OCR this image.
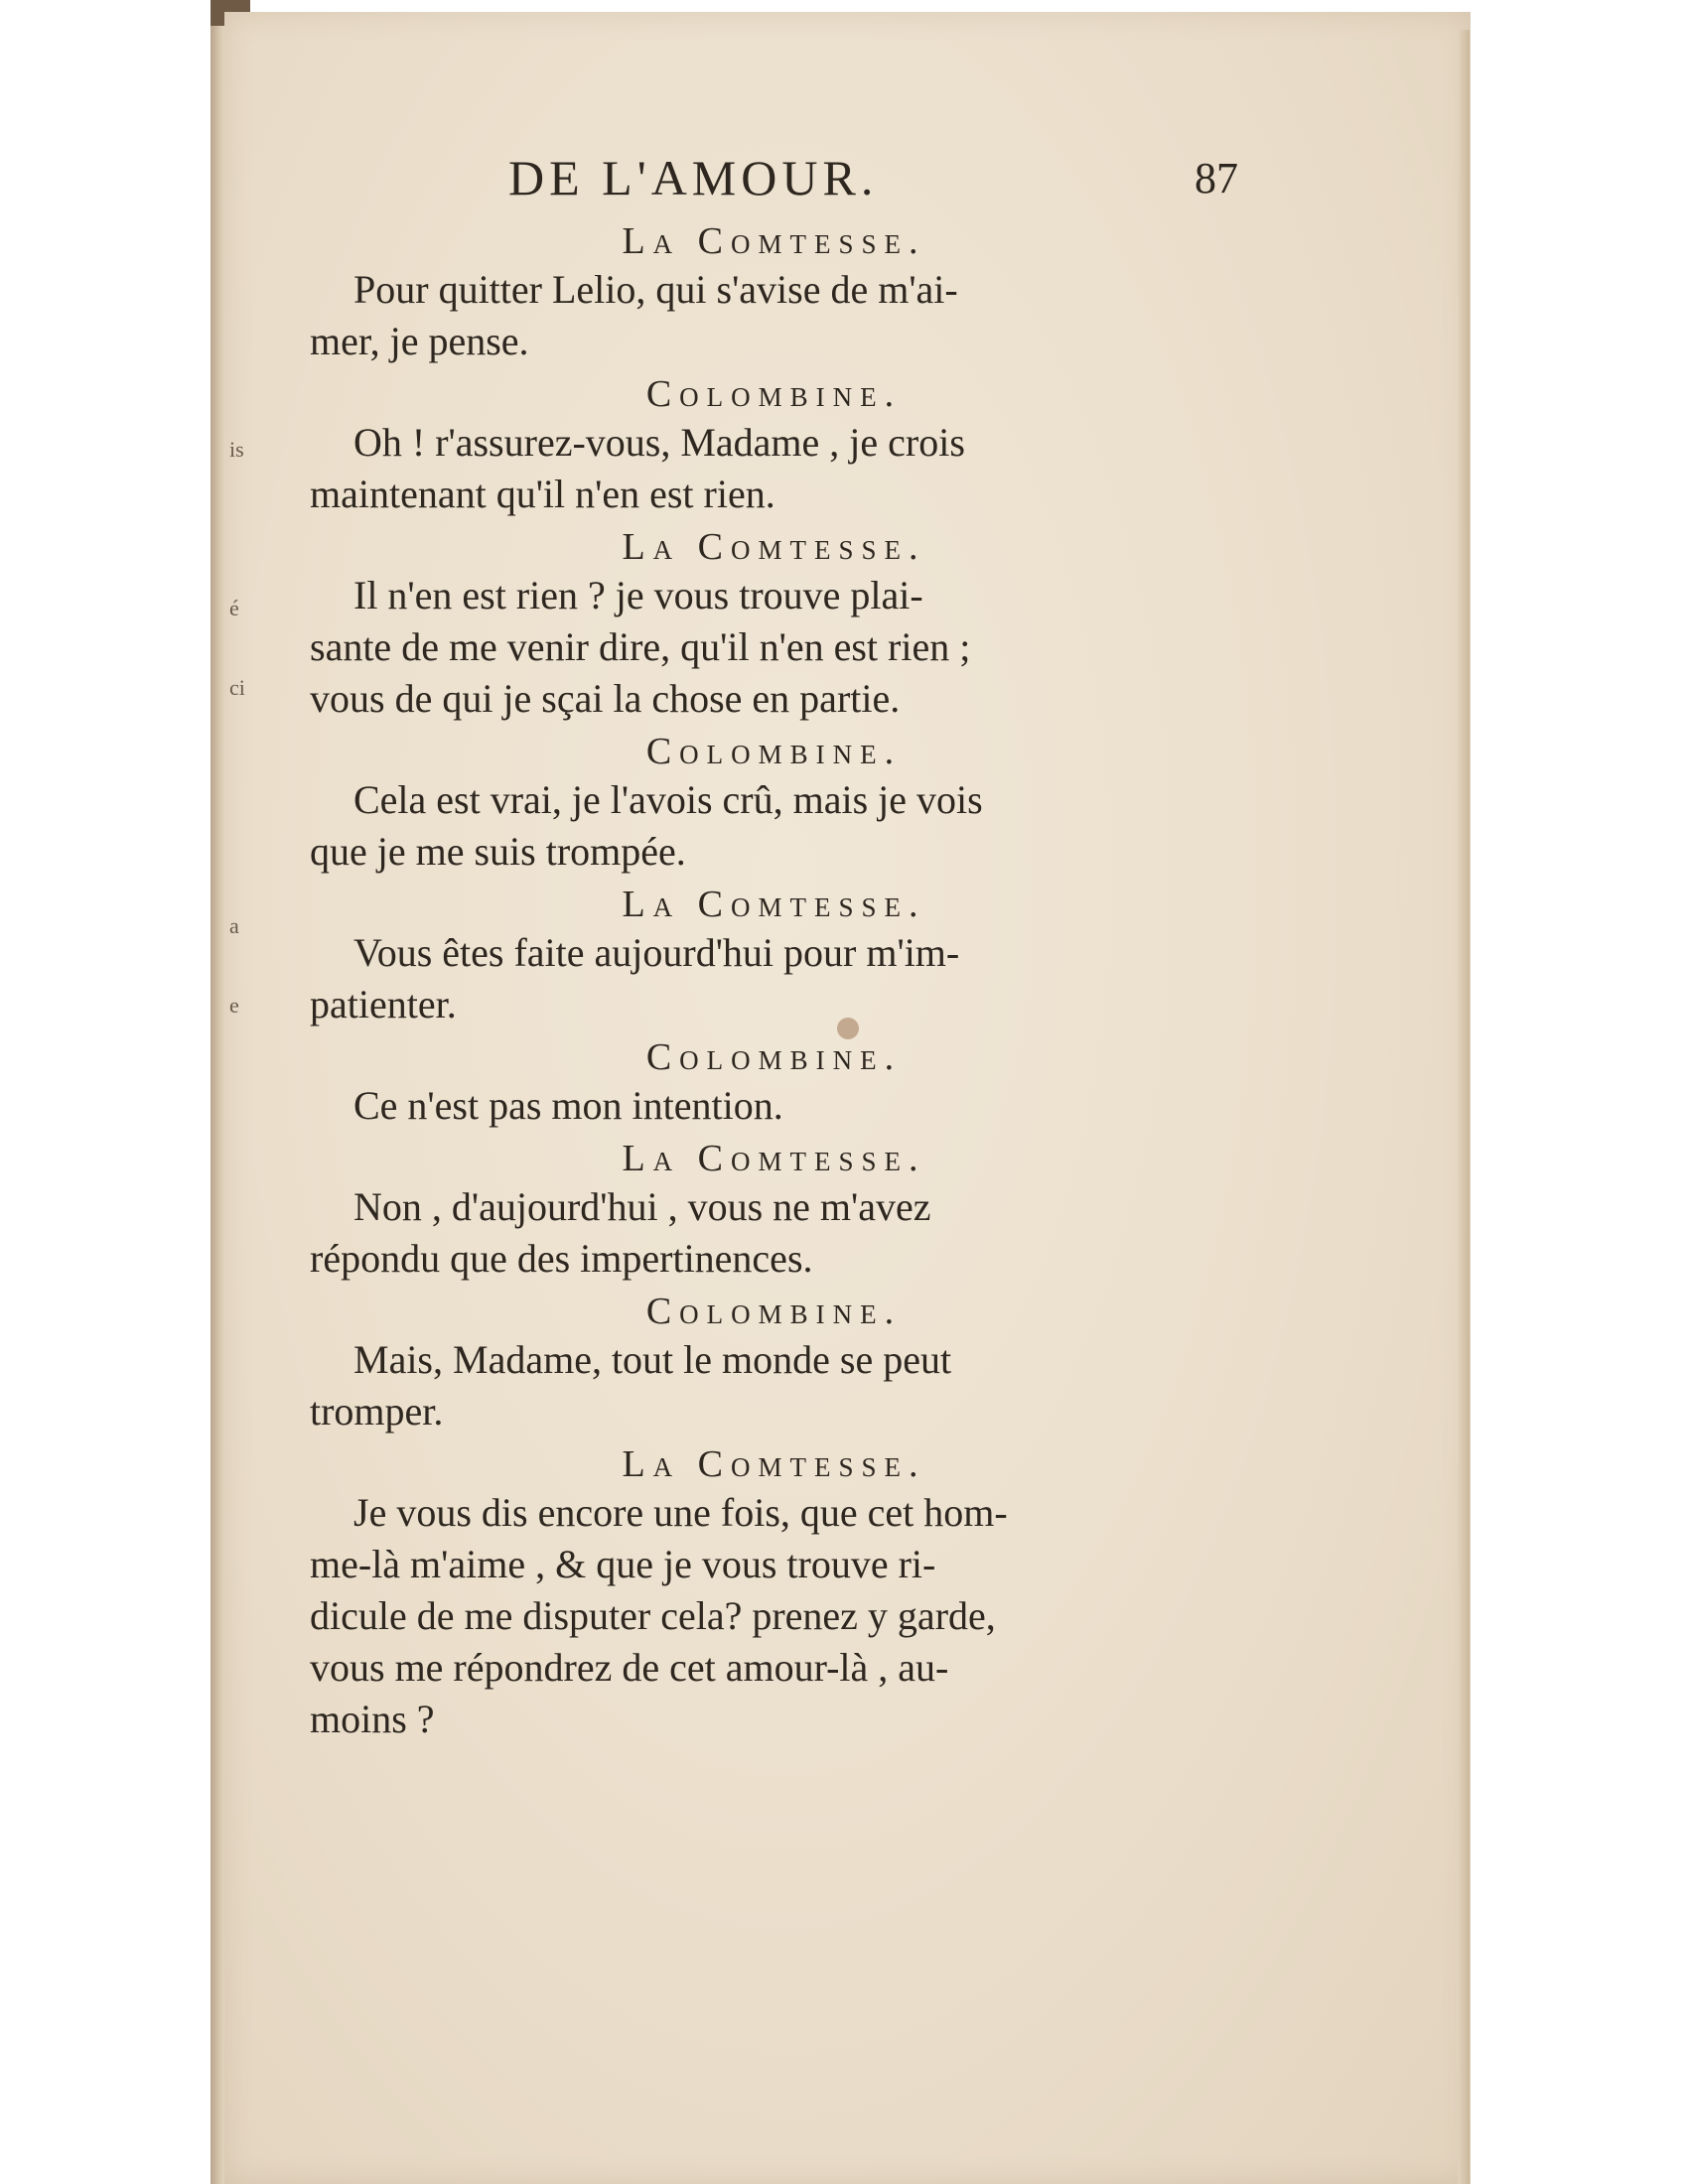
is
é
ci
a
e
DE L'AMOUR.	87
La Comtesse.

Pour quitter Lelio, qui s'avise de m'ai-
mer, je pense.

Colombine.

Oh ! r'assurez-vous, Madame , je crois
maintenant qu'il n'en est rien.

La Comtesse.

Il n'en est rien ? je vous trouve plai-
sante de me venir dire, qu'il n'en est rien ;
vous de qui je sçai la chose en partie.

Colombine.

Cela est vrai, je l'avois crû, mais je vois
que je me suis trompée.

La Comtesse.

Vous êtes faite aujourd'hui pour m'im-
patienter.

Colombine.

Ce n'est pas mon intention.

La Comtesse.

Non , d'aujourd'hui , vous ne m'avez
répondu que des impertinences.

Colombine.

Mais, Madame, tout le monde se peut
tromper.

La Comtesse.

Je vous dis encore une fois, que cet hom-
me-là m'aime , & que je vous trouve ri-
dicule de me disputer cela? prenez y garde,
vous me répondrez de cet amour-là , au-
moins ?
